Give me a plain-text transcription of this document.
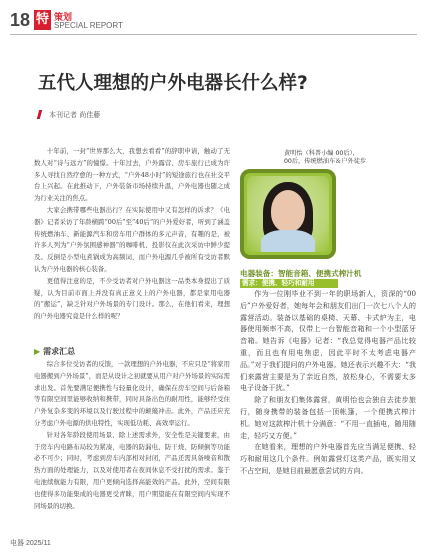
18 特 策划
SPECIAL REPORT
五代人理想的户外电器长什么样?
本刊记者 尚佳藤

十年前，一封“世界那么大，我想去看看”的辞职申请，触动了无数人对“诗与远方”的憧憬。十年过去，户外露营、房车旅行已成为许多人寻找自然疗愈的一种方式，“户外48小时”的短途旅行也在社交平台上兴起。在此推动下，户外装备市场持续升温，户外电器也随之成为行业关注的焦点。

大家会携带哪些电器出行？在实际使用中又有怎样的诉求？《电器》记者采访了年龄横跨“00后”至“40后”的户外爱好者，听到了涵盖传统燃油车、新能源汽车和房车用户群体的多元声音，有趣的是，被许多人列为“户外氛围感神器”的咖啡机、投影仪在此次采访中鲜少提及。反倒是小型电煮锅成为高频词，而户外电源几乎被所有受访者默认为户外电器的核心装备。

更值得注意的是，不少受访者对户外电器这一品类本身提出了质疑，认为目前市面上并没有真正意义上的户外电器，都是家用电器的“搬运”，缺乏针对户外场景的专门设计。那么，在他们看来，理想的户外电器究竟是什么样的呢？

▶ 需求汇总

综合多位受访者的反馈，一款理想的户外电器，不应只是“将家用电器搬到户外场景”，而是从设计之初就要从用户对户外场景的实际需求出发。首先要满足便携性与轻量化设计，确保在房车空间与后备箱等有限空间里能够收纳和携带，同时具备出色的耐用性，能够经受住户外复杂多变的环境以及行驶过程中的颠簸冲击。此外，产品还应充分考虑户外电源的供电特性，实现低功耗、高效率运行。

针对各年龄段使用场景、除上述需求外，安全性是关键要素，由于房车内电路布局较为紧凑，电器的防漏电、防干烧、防倾倒等功能必不可少；同时，考虑到房车内部相对封闭，产品还需具备噪音和散热方面的处理能力，以及对使用者在夜间休息不受打扰的需求。鉴于电池续航能力有限，用户更倾向选择高能效的产品。此外，空间有限也使得多功能集成的电器更受青睐，用户期望能在有限空间内实现不同场景的切换。

黄明怡（科普小编 00后），
00后，传统燃油车＆户外徒步
电器装备：智能音箱、便携式榨汁机
需求：便携、轻巧和耐用

作为一位刚毕业不到一年的职场新人，资深的“00后”户外爱好者，她每年会和朋友们出门一次七八个人的露营活动。装备以基础的桌椅、天幕、卡式炉为主，电器使用频率不高，仅带上一台智能音箱和一个小型蓝牙音箱。她告诉《电器》记者：“我总觉得电器产品比较重，而且也有用电焦虑，因此平时不太考虑电器产品。”对于我们提问的户外电器。她还表示兴趣不大：“我们来露营主要是为了亲近自然，放松身心，不需要太多电子设备干扰。”

除了和朋友们集体露营，黄明怡也会独自去徒步旅行，随身携带的装备包括一顶帐篷，一个便携式榨汁机。她对这款榨汁机十分满意：“不用一直插电，随用随走，轻巧又方便。”

在她看来，理想的户外电器首先应当满足便携、轻巧和耐用这几个条件。例如露营灯这类产品，既实用又不占空间，是她目前最愿意尝试的方向。

电器 2025/11
